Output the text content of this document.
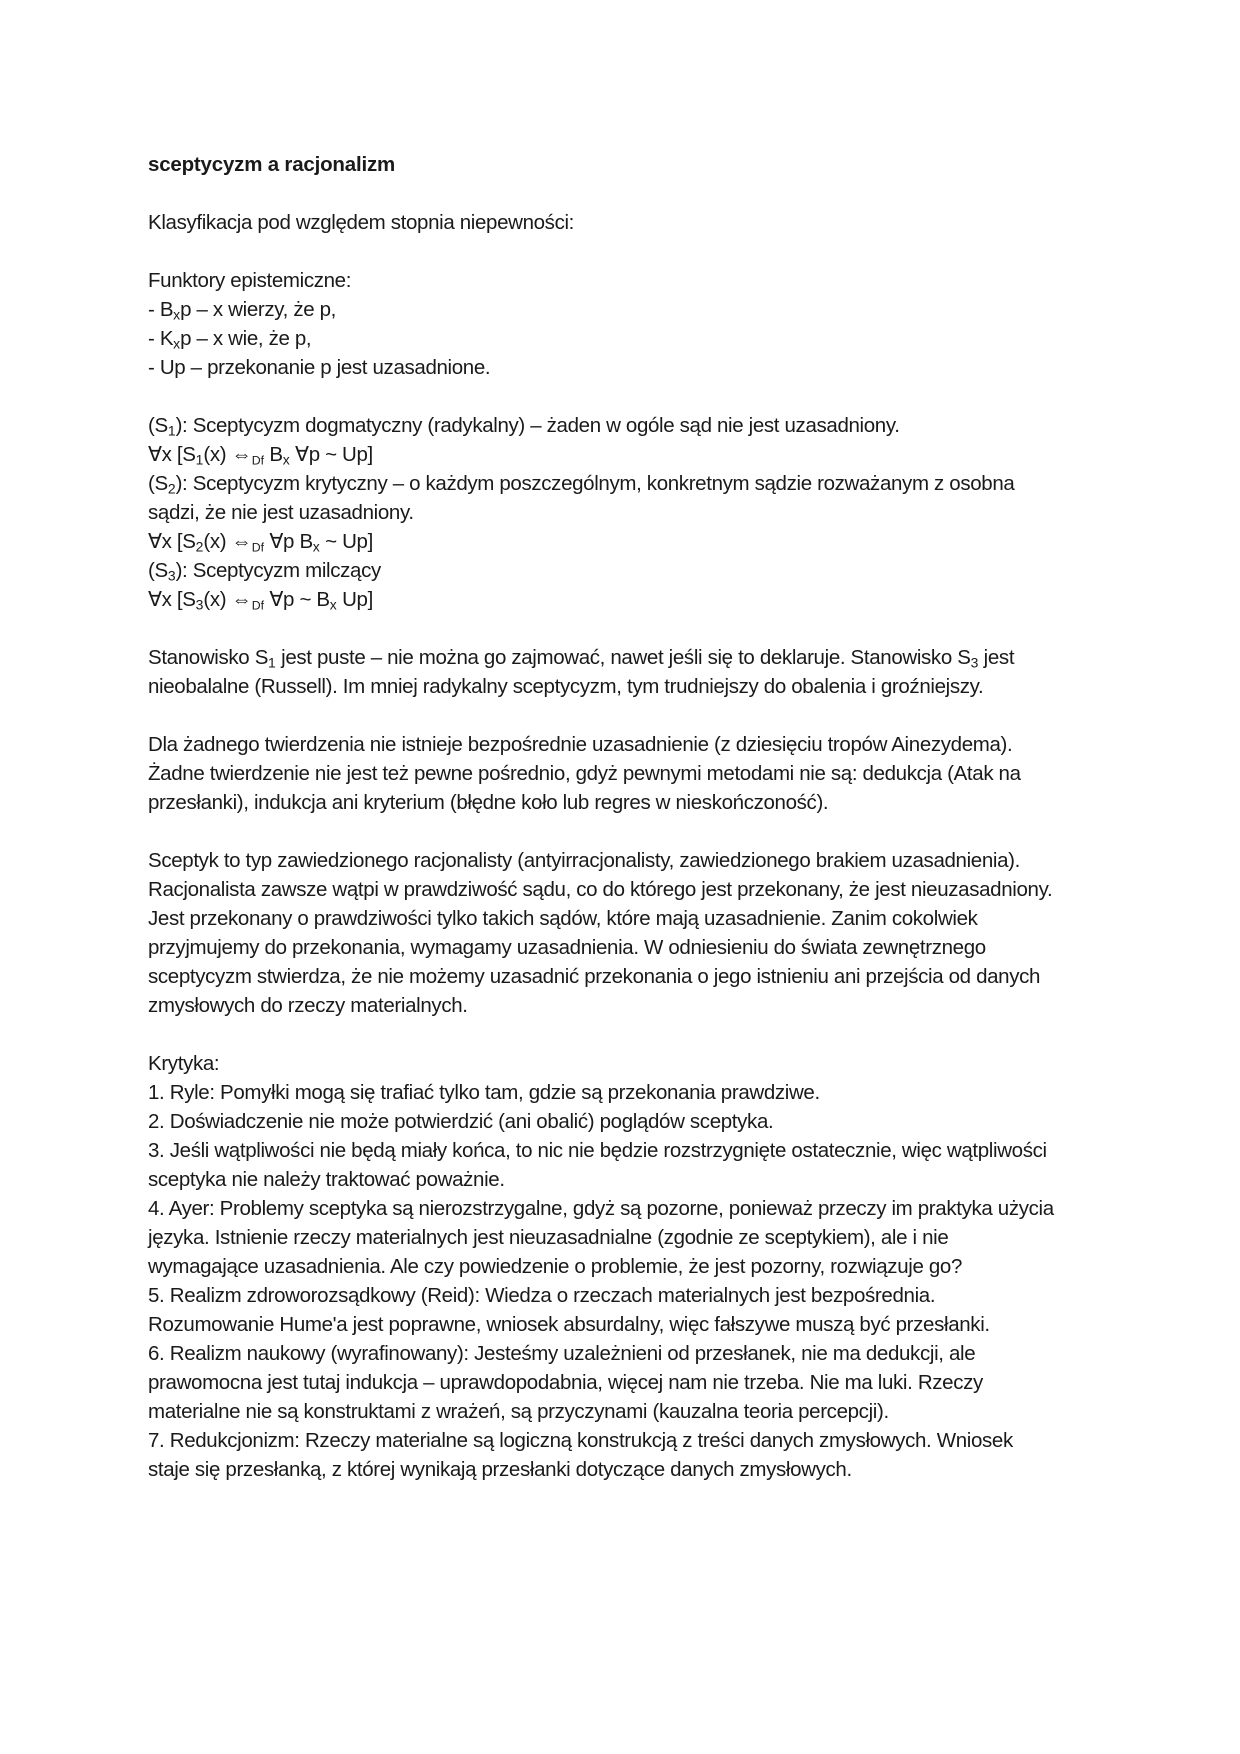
sceptycyzm a racjonalizm
Klasyfikacja pod względem stopnia niepewności:
Funktory epistemiczne:
- $B_xp$ – x wierzy, że p,
- $K_xp$ – x wie, że p,
- Up – przekonanie p jest uzasadnione.
$(S_1)$: Sceptycyzm dogmatyczny (radykalny) – żaden w ogóle sąd nie jest uzasadniony.
∀x [$S_1(x)$ ⇔Df $B_x$ ∀p ~ Up]
$(S_2)$: Sceptycyzm krytyczny – o każdym poszczególnym, konkretnym sądzie rozważanym z osobna
sądzi, że nie jest uzasadniony.
∀x [$S_2(x)$ ⇔Df ∀p $B_x$ ~ Up]
$(S_3)$: Sceptycyzm milczący
∀x [$S_3(x)$ ⇔Df ∀p ~ $B_x$ Up]
Stanowisko $S_1$ jest puste – nie można go zajmować, nawet jeśli się to deklaruje. Stanowisko $S_3$ jest
nieobalalne (Russell). Im mniej radykalny sceptycyzm, tym trudniejszy do obalenia i groźniejszy.
Dla żadnego twierdzenia nie istnieje bezpośrednie uzasadnienie (z dziesięciu tropów Ainezydema).
Żadne twierdzenie nie jest też pewne pośrednio, gdyż pewnymi metodami nie są: dedukcja (Atak na
przesłanki), indukcja ani kryterium (błędne koło lub regres w nieskończoność).
Sceptyk to typ zawiedzionego racjonalisty (antyirracjonalisty, zawiedzionego brakiem uzasadnienia).
Racjonalista zawsze wątpi w prawdziwość sądu, co do którego jest przekonany, że jest nieuzasadniony.
Jest przekonany o prawdziwości tylko takich sądów, które mają uzasadnienie. Zanim cokolwiek
przyjmujemy do przekonania, wymagamy uzasadnienia. W odniesieniu do świata zewnętrznego
sceptycyzm stwierdza, że nie możemy uzasadnić przekonania o jego istnieniu ani przejścia od danych
zmysłowych do rzeczy materialnych.
Krytyka:
1. Ryle: Pomyłki mogą się trafiać tylko tam, gdzie są przekonania prawdziwe.
2. Doświadczenie nie może potwierdzić (ani obalić) poglądów sceptyka.
3. Jeśli wątpliwości nie będą miały końca, to nic nie będzie rozstrzygnięte ostatecznie, więc wątpliwości
sceptyka nie należy traktować poważnie.
4. Ayer: Problemy sceptyka są nierozstrzygalne, gdyż są pozorne, ponieważ przeczy im praktyka użycia
języka. Istnienie rzeczy materialnych jest nieuzasadnialne (zgodnie ze sceptykiem), ale i nie
wymagające uzasadnienia. Ale czy powiedzenie o problemie, że jest pozorny, rozwiązuje go?
5. Realizm zdroworozsądkowy (Reid): Wiedza o rzeczach materialnych jest bezpośrednia.
Rozumowanie Hume'a jest poprawne, wniosek absurdalny, więc fałszywe muszą być przesłanki.
6. Realizm naukowy (wyrafinowany): Jesteśmy uzależnieni od przesłanek, nie ma dedukcji, ale
prawomocna jest tutaj indukcja – uprawdopodabnia, więcej nam nie trzeba. Nie ma luki. Rzeczy
materialne nie są konstruktami z wrażeń, są przyczynami (kauzalna teoria percepcji).
7. Redukcjonizm: Rzeczy materialne są logiczną konstrukcją z treści danych zmysłowych. Wniosek
staje się przesłanką, z której wynikają przesłanki dotyczące danych zmysłowych.
